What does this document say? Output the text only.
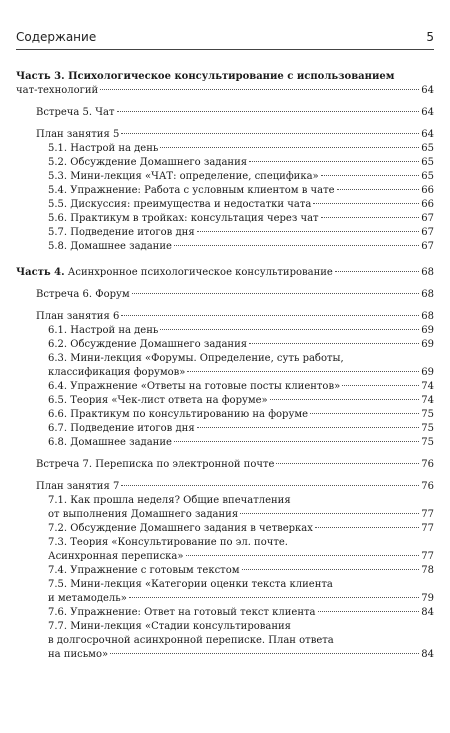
Содержание	5
Часть 3. Психологическое консультирование с использованием
чат-технологий	64
Встреча 5. Чат	64
План занятия 5	64
5.1. Настрой на день	65
5.2. Обсуждение Домашнего задания	65
5.3. Мини-лекция «ЧАТ: определение, специфика»	65
5.4. Упражнение: Работа с условным клиентом в чате	66
5.5. Дискуссия: преимущества и недостатки чата	66
5.6. Практикум в тройках: консультация через чат	67
5.7. Подведение итогов дня	67
5.8. Домашнее задание	67
Часть 4. Асинхронное психологическое консультирование	68
Встреча 6. Форум	68
План занятия 6	68
6.1. Настрой на день	69
6.2. Обсуждение Домашнего задания	69
6.3. Мини-лекция «Форумы. Определение, суть работы,
классификация форумов»	69
6.4. Упражнение «Ответы на готовые посты клиентов»	74
6.5. Теория «Чек-лист ответа на форуме»	74
6.6. Практикум по консультированию на форуме	75
6.7. Подведение итогов дня	75
6.8. Домашнее задание	75
Встреча 7. Переписка по электронной почте	76
План занятия 7	76
7.1. Как прошла неделя? Общие впечатления
от выполнения Домашнего задания	77
7.2. Обсуждение Домашнего задания в четверках	77
7.3. Теория «Консультирование по эл. почте.
Асинхронная переписка»	77
7.4. Упражнение с готовым текстом	78
7.5. Мини-лекция «Категории оценки текста клиента
и метамодель»	79
7.6. Упражнение: Ответ на готовый текст клиента	84
7.7. Мини-лекция «Стадии консультирования
в долгосрочной асинхронной переписке. План ответа
на письмо»	84
